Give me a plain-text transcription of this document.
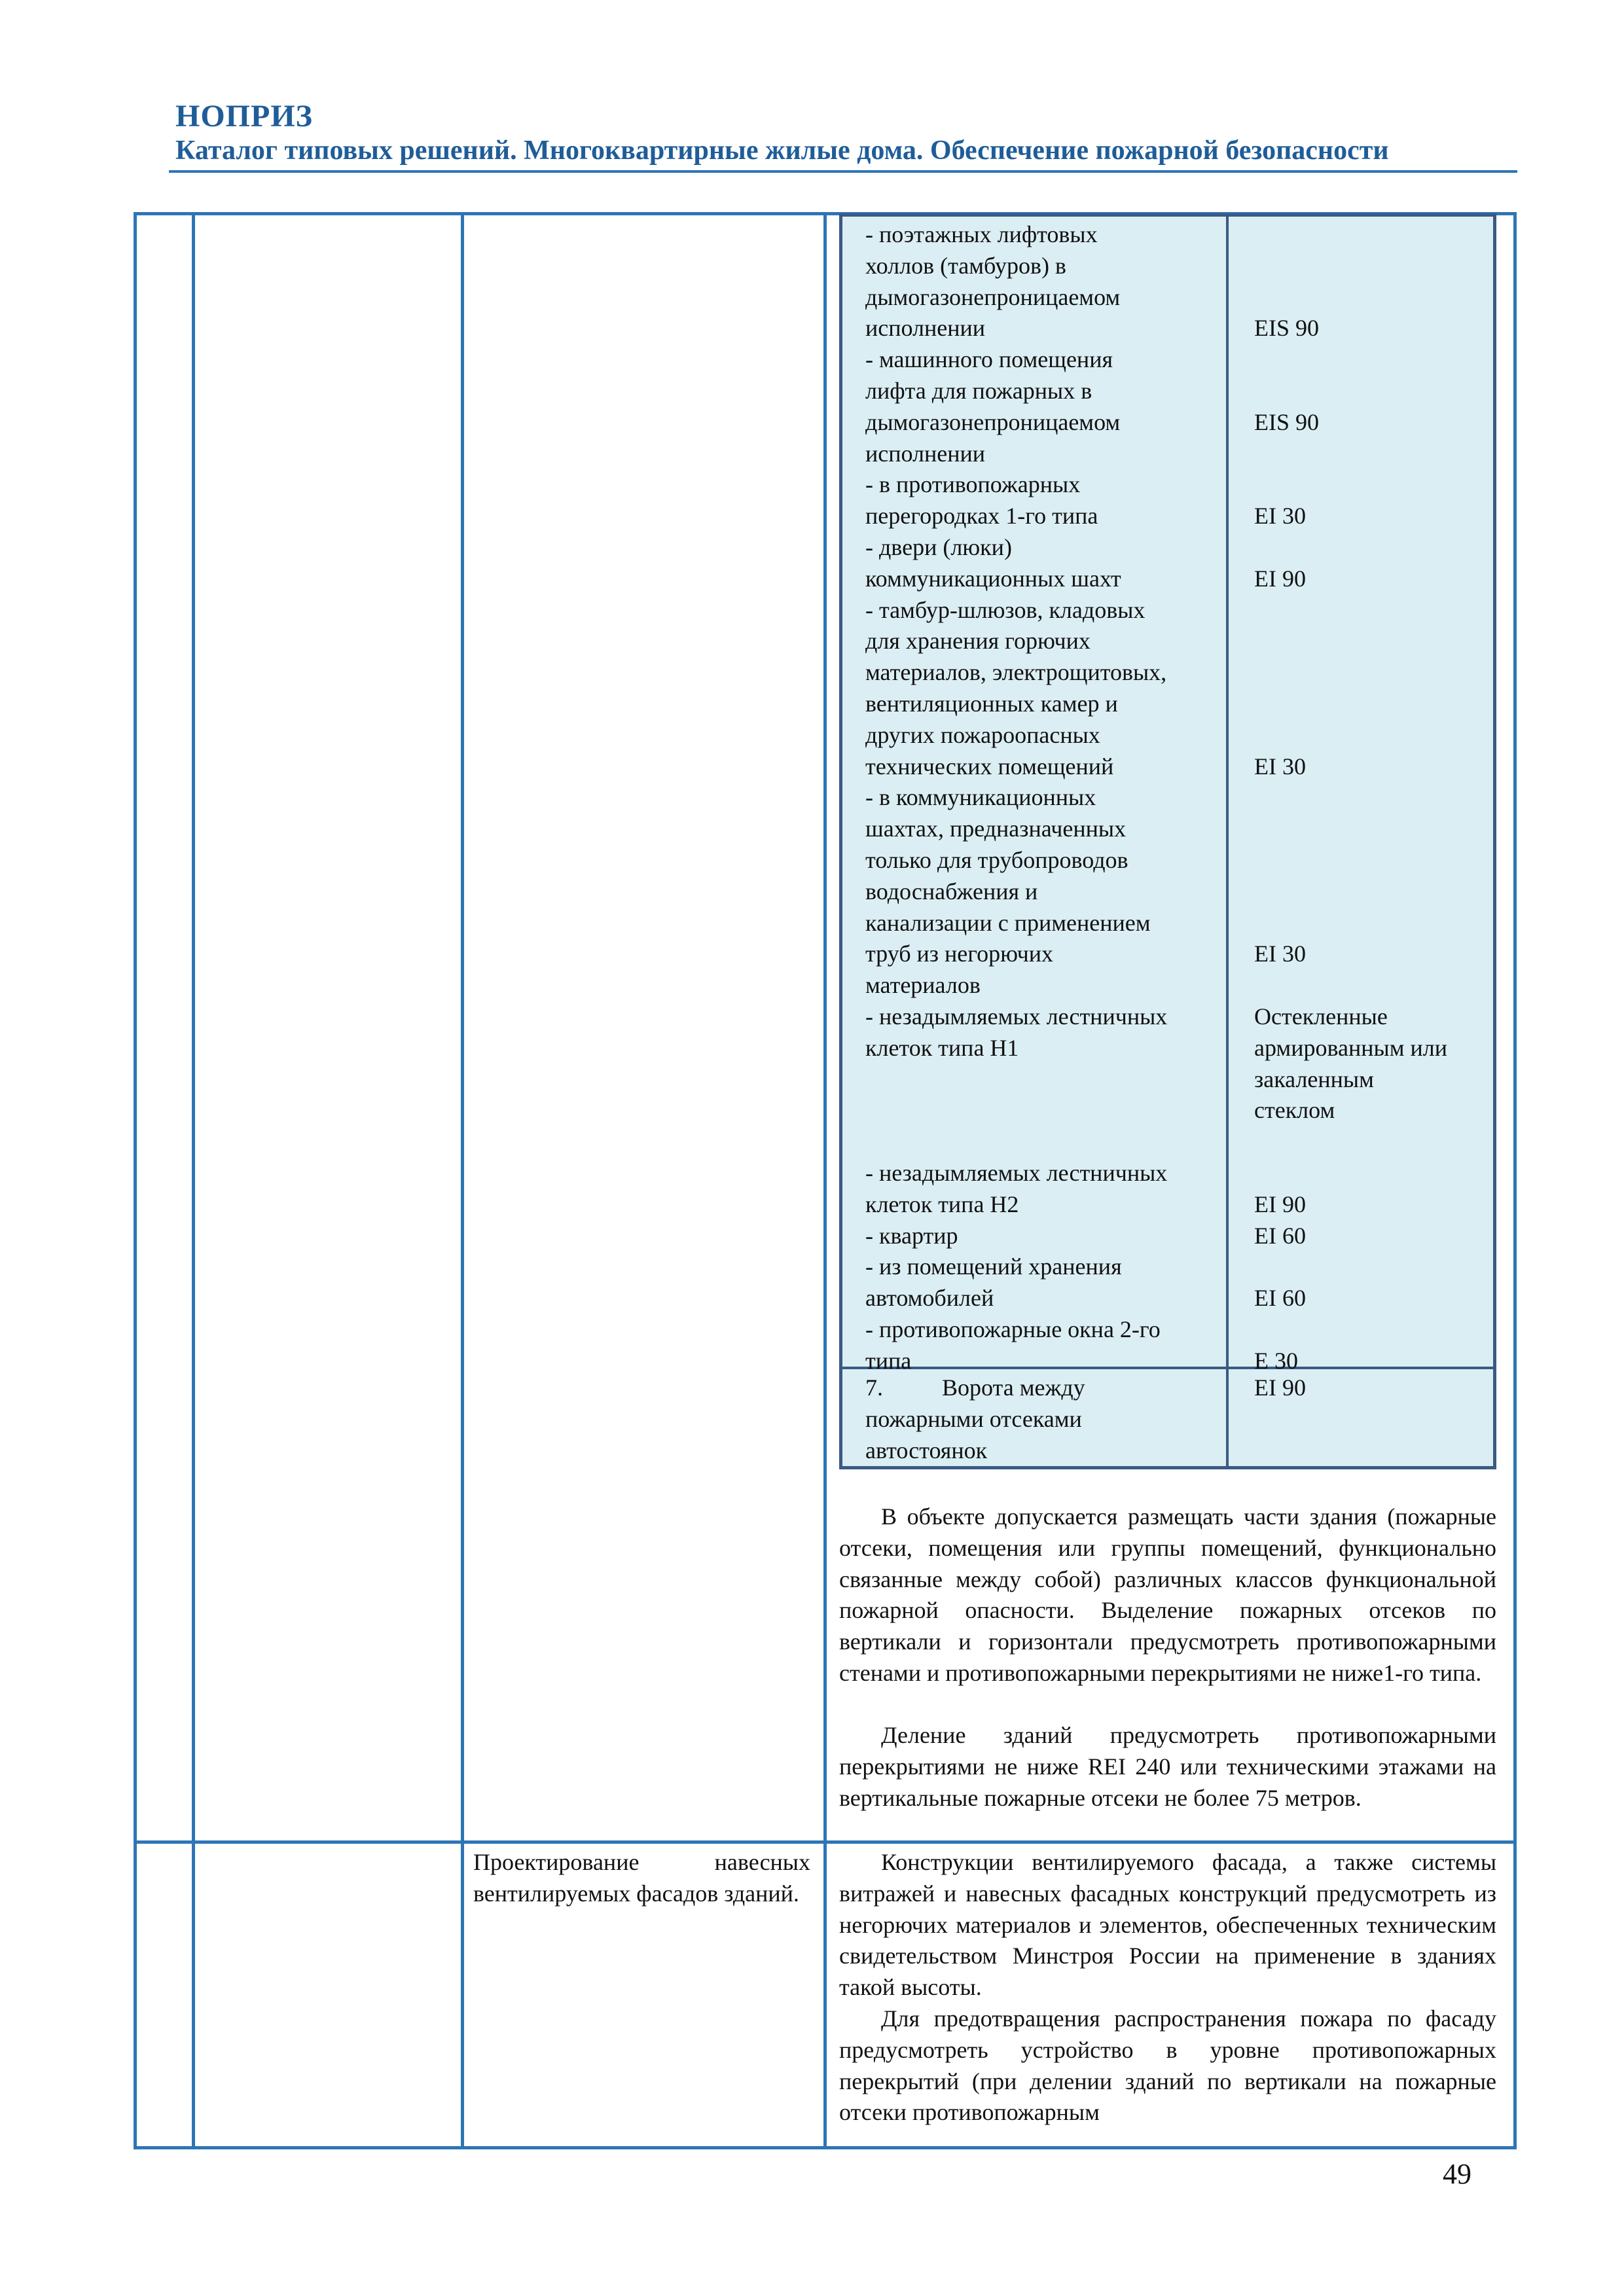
НОПРИЗ
Каталог типовых решений. Многоквартирные жилые дома. Обеспечение пожарной безопасности
- поэтажных лифтовых
холлов (тамбуров) в
дымогазонепроницаемом
исполнении
- машинного помещения
лифта для пожарных в
дымогазонепроницаемом
исполнении
- в противопожарных
перегородках 1-го типа
- двери (люки)
коммуникационных шахт
- тамбур-шлюзов, кладовых
для хранения горючих
материалов, электрощитовых,
вентиляционных камер и
других пожароопасных
технических помещений
- в коммуникационных
шахтах, предназначенных
только для трубопроводов
водоснабжения и
канализации с применением
труб из негорючих
материалов
- незадымляемых лестничных
клеток типа Н1

- незадымляемых лестничных
клеток типа Н2
- квартир
- из помещений хранения
автомобилей
- противопожарные окна 2-го
типа
EIS 90
EIS 90
EI 30
EI 90
EI 30
EI 30
Остекленные
армированным или
закаленным
стеклом
EI 90
EI 60
EI 60
E 30
7.          Ворота между
пожарными отсеками
автостоянок
EI 90

В объекте допускается размещать части здания (пожарные отсеки, помещения или группы помещений, функционально связанные между собой) различных классов функциональной пожарной опасности. Выделение пожарных отсеков по вертикали и горизонтали предусмотреть противопожарными стенами и противопожарными перекрытиями не ниже1-го типа.

Деление зданий предусмотреть противопожарными перекрытиями не ниже REI 240 или техническими этажами на вертикальные пожарные отсеки не более 75 метров.

Проектирование навесных вентилируемых фасадов зданий.

Конструкции вентилируемого фасада, а также системы витражей и навесных фасадных конструкций предусмотреть из негорючих материалов и элементов, обеспеченных техническим свидетельством Минстроя России на применение в зданиях такой высоты.

Для предотвращения распространения пожара по фасаду предусмотреть устройство в уровне противопожарных перекрытий (при делении зданий по вертикали на пожарные отсеки противопожарным

49
